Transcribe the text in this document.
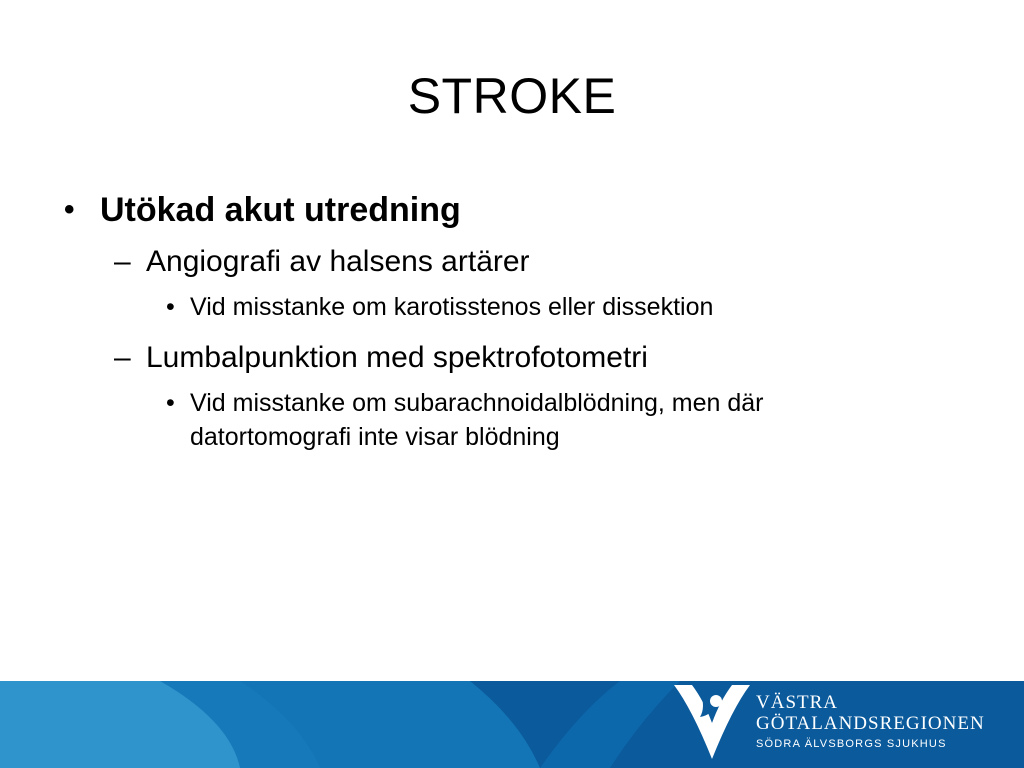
STROKE
• Utökad akut utredning
– Angiografi av halsens artärer
• Vid misstanke om karotisstenos eller dissektion
– Lumbalpunktion med spektrofotometri
• Vid misstanke om subarachnoidalblödning, men där datortomografi inte visar blödning
VÄSTRA
GÖTALANDSREGIONEN
SÖDRA ÄLVSBORGS SJUKHUS
